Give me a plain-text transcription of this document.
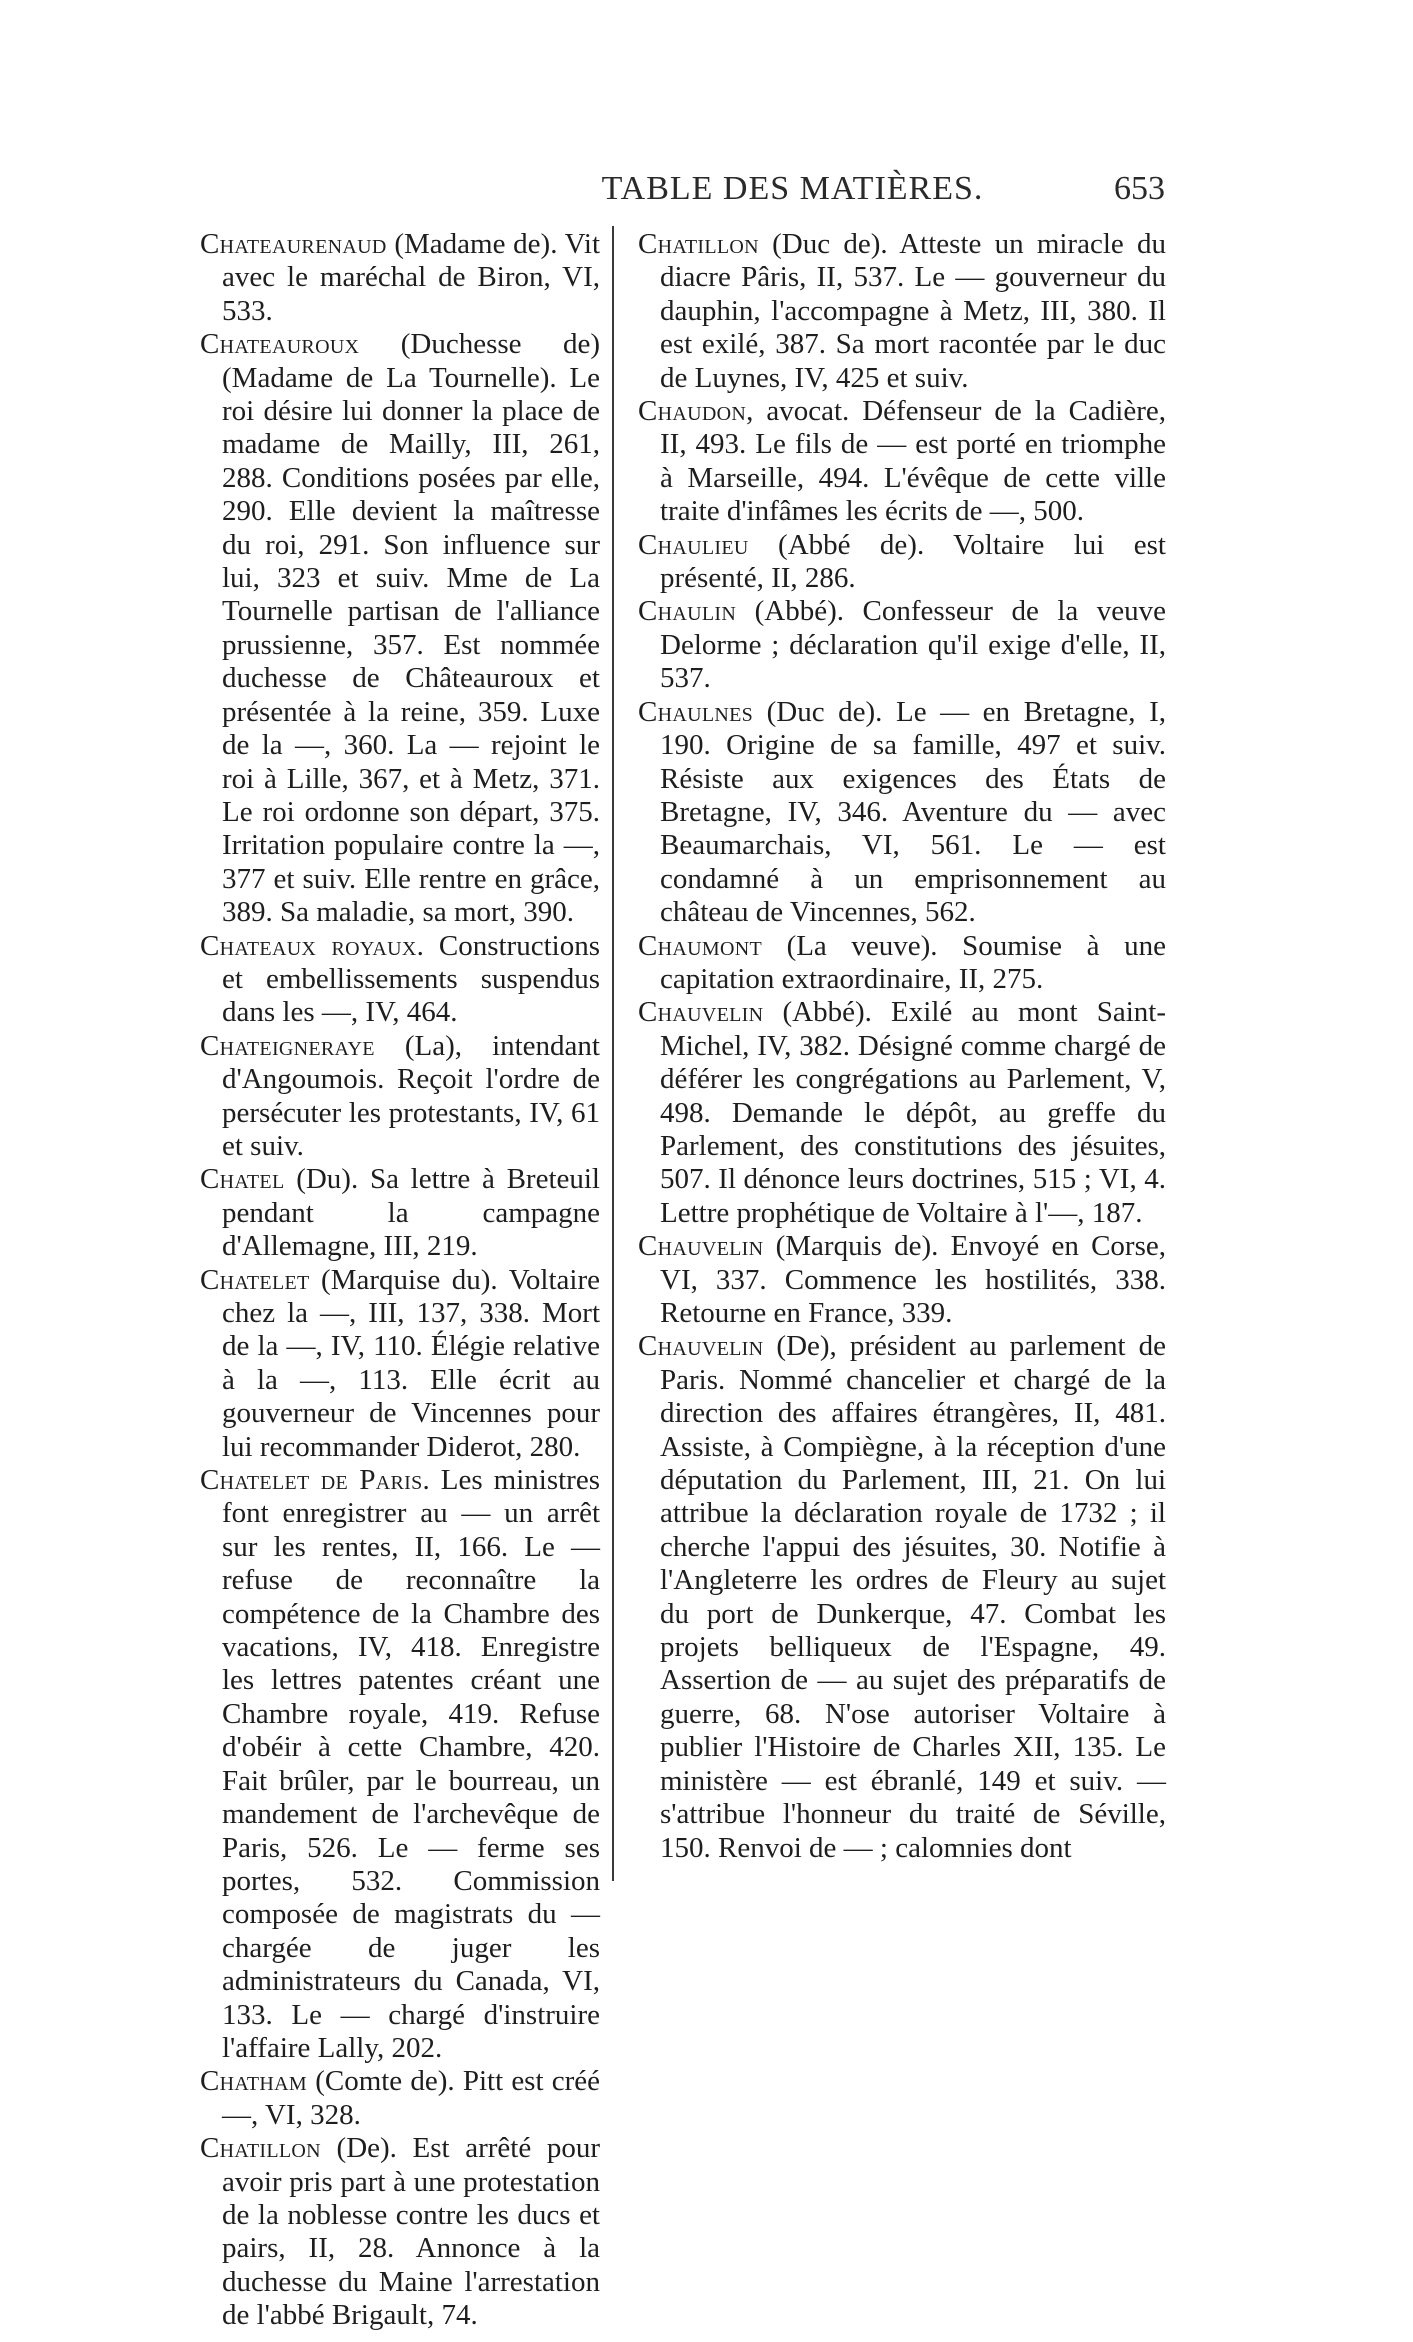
TABLE DES MATIÈRES.	653

Chateaurenaud (Madame de). Vit avec le maréchal de Biron, VI, 533.

Chateauroux (Duchesse de) (Madame de La Tournelle). Le roi désire lui donner la place de madame de Mailly, III, 261, 288. Conditions posées par elle, 290. Elle devient la maîtresse du roi, 291. Son influence sur lui, 323 et suiv. Mme de La Tournelle partisan de l'alliance prussienne, 357. Est nommée duchesse de Châteauroux et présentée à la reine, 359. Luxe de la —, 360. La — rejoint le roi à Lille, 367, et à Metz, 371. Le roi ordonne son départ, 375. Irritation populaire contre la —, 377 et suiv. Elle rentre en grâce, 389. Sa maladie, sa mort, 390.

Chateaux royaux. Constructions et embellissements suspendus dans les —, IV, 464.

Chateigneraye (La), intendant d'Angoumois. Reçoit l'ordre de persécuter les protestants, IV, 61 et suiv.

Chatel (Du). Sa lettre à Breteuil pendant la campagne d'Allemagne, III, 219.

Chatelet (Marquise du). Voltaire chez la —, III, 137, 338. Mort de la —, IV, 110. Élégie relative à la —, 113. Elle écrit au gouverneur de Vincennes pour lui recommander Diderot, 280.

Chatelet de Paris. Les ministres font enregistrer au — un arrêt sur les rentes, II, 166. Le — refuse de reconnaître la compétence de la Chambre des vacations, IV, 418. Enregistre les lettres patentes créant une Chambre royale, 419. Refuse d'obéir à cette Chambre, 420. Fait brûler, par le bourreau, un mandement de l'archevêque de Paris, 526. Le — ferme ses portes, 532. Commission composée de magistrats du — chargée de juger les administrateurs du Canada, VI, 133. Le — chargé d'instruire l'affaire Lally, 202.

Chatham (Comte de). Pitt est créé —, VI, 328.

Chatillon (De). Est arrêté pour avoir pris part à une protestation de la noblesse contre les ducs et pairs, II, 28. Annonce à la duchesse du Maine l'arrestation de l'abbé Brigault, 74.

Chatillon (Duc de). Atteste un miracle du diacre Pâris, II, 537. Le — gouverneur du dauphin, l'accompagne à Metz, III, 380. Il est exilé, 387. Sa mort racontée par le duc de Luynes, IV, 425 et suiv.

Chaudon, avocat. Défenseur de la Cadière, II, 493. Le fils de — est porté en triomphe à Marseille, 494. L'évêque de cette ville traite d'infâmes les écrits de —, 500.

Chaulieu (Abbé de). Voltaire lui est présenté, II, 286.

Chaulin (Abbé). Confesseur de la veuve Delorme ; déclaration qu'il exige d'elle, II, 537.

Chaulnes (Duc de). Le — en Bretagne, I, 190. Origine de sa famille, 497 et suiv. Résiste aux exigences des États de Bretagne, IV, 346. Aventure du — avec Beaumarchais, VI, 561. Le — est condamné à un emprisonnement au château de Vincennes, 562.

Chaumont (La veuve). Soumise à une capitation extraordinaire, II, 275.

Chauvelin (Abbé). Exilé au mont Saint-Michel, IV, 382. Désigné comme chargé de déférer les congrégations au Parlement, V, 498. Demande le dépôt, au greffe du Parlement, des constitutions des jésuites, 507. Il dénonce leurs doctrines, 515 ; VI, 4. Lettre prophétique de Voltaire à l'—, 187.

Chauvelin (Marquis de). Envoyé en Corse, VI, 337. Commence les hostilités, 338. Retourne en France, 339.

Chauvelin (De), président au parlement de Paris. Nommé chancelier et chargé de la direction des affaires étrangères, II, 481. Assiste, à Compiègne, à la réception d'une députation du Parlement, III, 21. On lui attribue la déclaration royale de 1732 ; il cherche l'appui des jésuites, 30. Notifie à l'Angleterre les ordres de Fleury au sujet du port de Dunkerque, 47. Combat les projets belliqueux de l'Espagne, 49. Assertion de — au sujet des préparatifs de guerre, 68. N'ose autoriser Voltaire à publier l'Histoire de Charles XII, 135. Le ministère — est ébranlé, 149 et suiv. — s'attribue l'honneur du traité de Séville, 150. Renvoi de — ; calomnies dont
